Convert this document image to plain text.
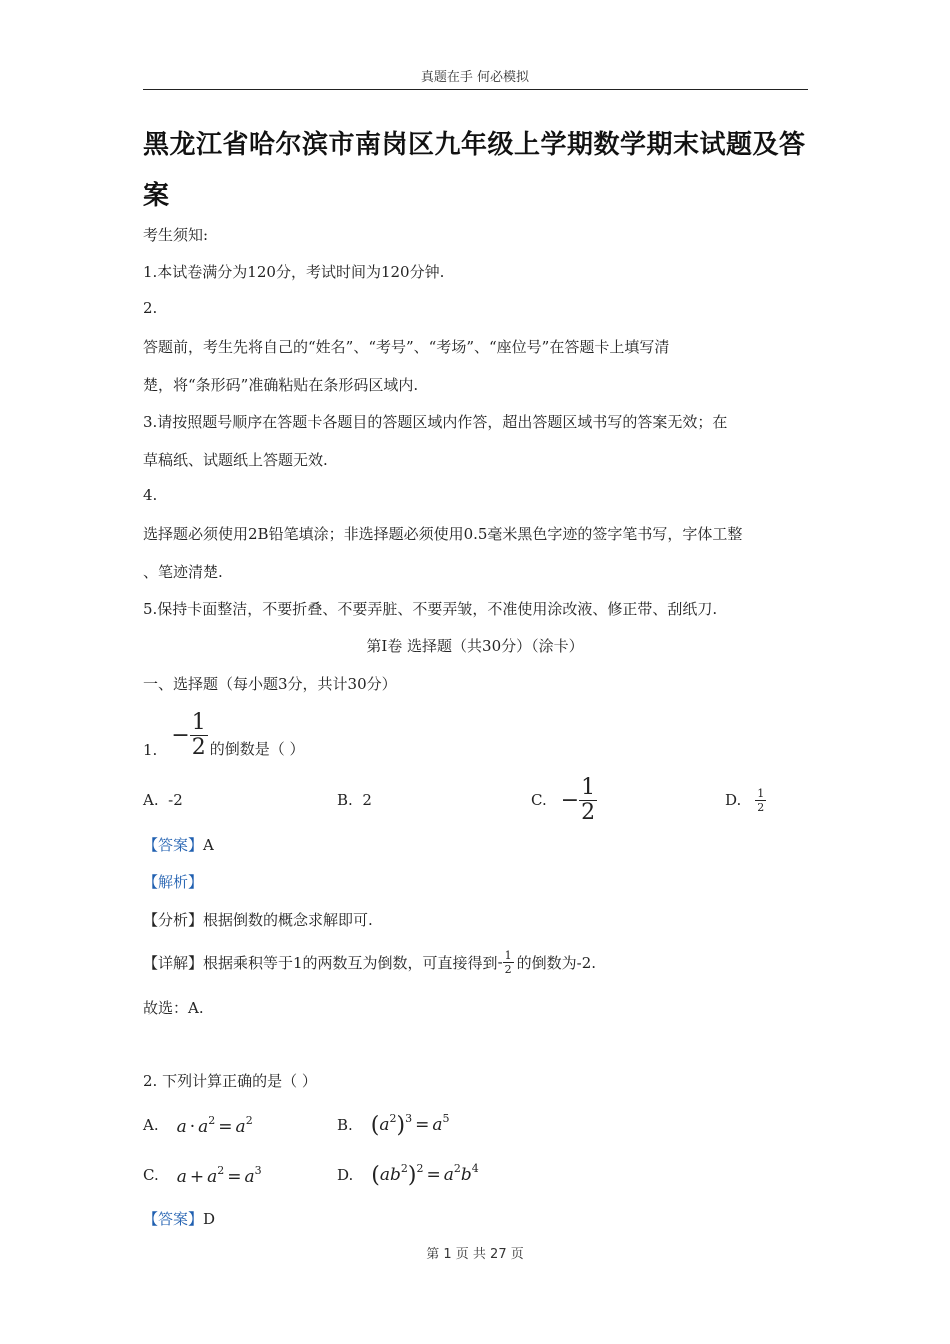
真题在手 何必模拟
黑龙江省哈尔滨市南岗区九年级上学期数学期末试题及答
案
考生须知:
1.本试卷满分为120分，考试时间为120分钟.
2.
答题前，考生先将自己的“姓名”、“考号”、“考场”、“座位号”在答题卡上填写清
楚，将“条形码”准确粘贴在条形码区域内.
3.请按照题号顺序在答题卡各题目的答题区域内作答，超出答题区域书写的答案无效；在
草稿纸、试题纸上答题无效.
4.
选择题必须使用2B铅笔填涂；非选择题必须使用0.5毫米黑色字迹的签字笔书写，字体工整
、笔迹清楚.
5.保持卡面整洁，不要折叠、不要弄脏、不要弄皱，不准使用涂改液、修正带、刮纸刀.
第I卷 选择题（共30分）（涂卡）
一、选择题（每小题3分，共计30分）
1.
− $\frac{1}{2}$ 的倒数是（ ）
A. -2	B. 2	C. − $\frac{1}{2}$	D. $\frac{1}{2}$
【答案】A
【解析】
【分析】根据倒数的概念求解即可.
【详解】 根据乘积等于1的两数互为倒数，可直接得到 - $\frac{1}{2}$ 的倒数为-2.
故选：A.
2. 下列计算正确的是（ ）
A. $a \cdot a^2 = a^2$	B. $(a^2)^3 = a^5$
C. $a + a^2 = a^3$	D. $(ab^2)^2 = a^2b^4$
【答案】D
第 1 页 共 27 页
